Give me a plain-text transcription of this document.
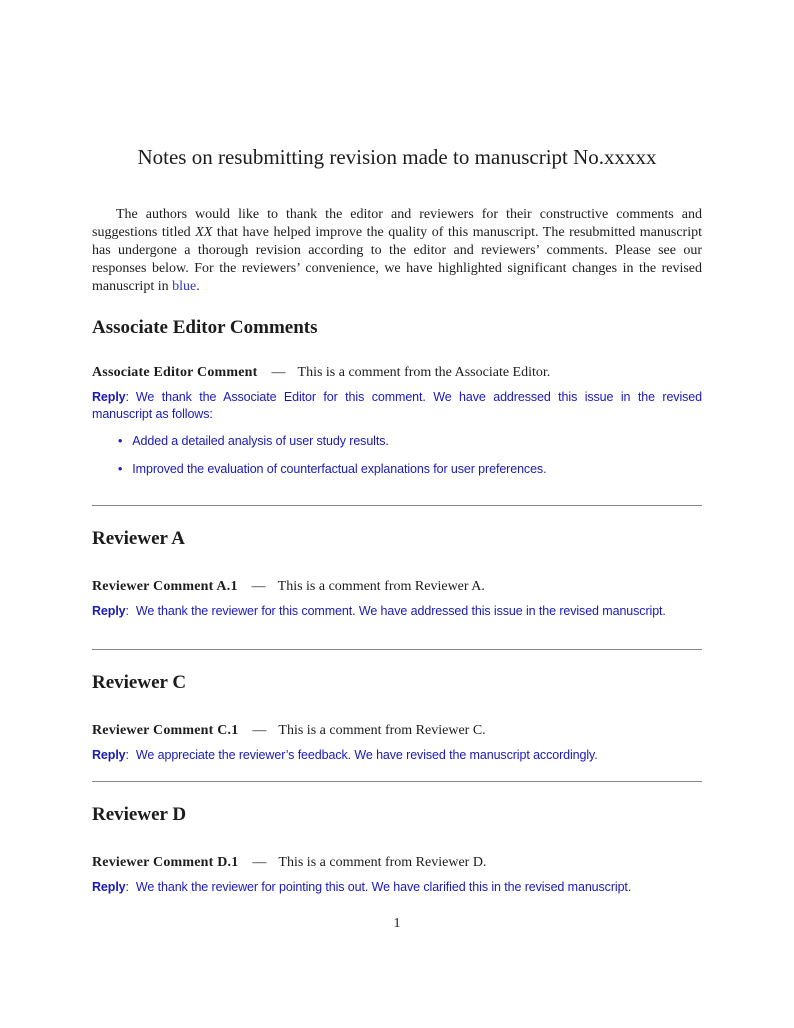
Notes on resubmitting revision made to manuscript No.xxxxx

The authors would like to thank the editor and reviewers for their constructive comments and suggestions titled XX that have helped improve the quality of this manuscript. The resubmitted manuscript has undergone a thorough revision according to the editor and reviewers’ comments. Please see our responses below. For the reviewers’ convenience, we have highlighted significant changes in the revised manuscript in blue.

Associate Editor Comments

Associate Editor Comment — This is a comment from the Associate Editor.

Reply: We thank the Associate Editor for this comment. We have addressed this issue in the revised manuscript as follows:

• Added a detailed analysis of user study results.
• Improved the evaluation of counterfactual explanations for user preferences.
Reviewer A

Reviewer Comment A.1 — This is a comment from Reviewer A.

Reply: We thank the reviewer for this comment. We have addressed this issue in the revised manuscript.

Reviewer C

Reviewer Comment C.1 — This is a comment from Reviewer C.

Reply: We appreciate the reviewer’s feedback. We have revised the manuscript accordingly.

Reviewer D

Reviewer Comment D.1 — This is a comment from Reviewer D.

Reply: We thank the reviewer for pointing this out. We have clarified this in the revised manuscript.

1
